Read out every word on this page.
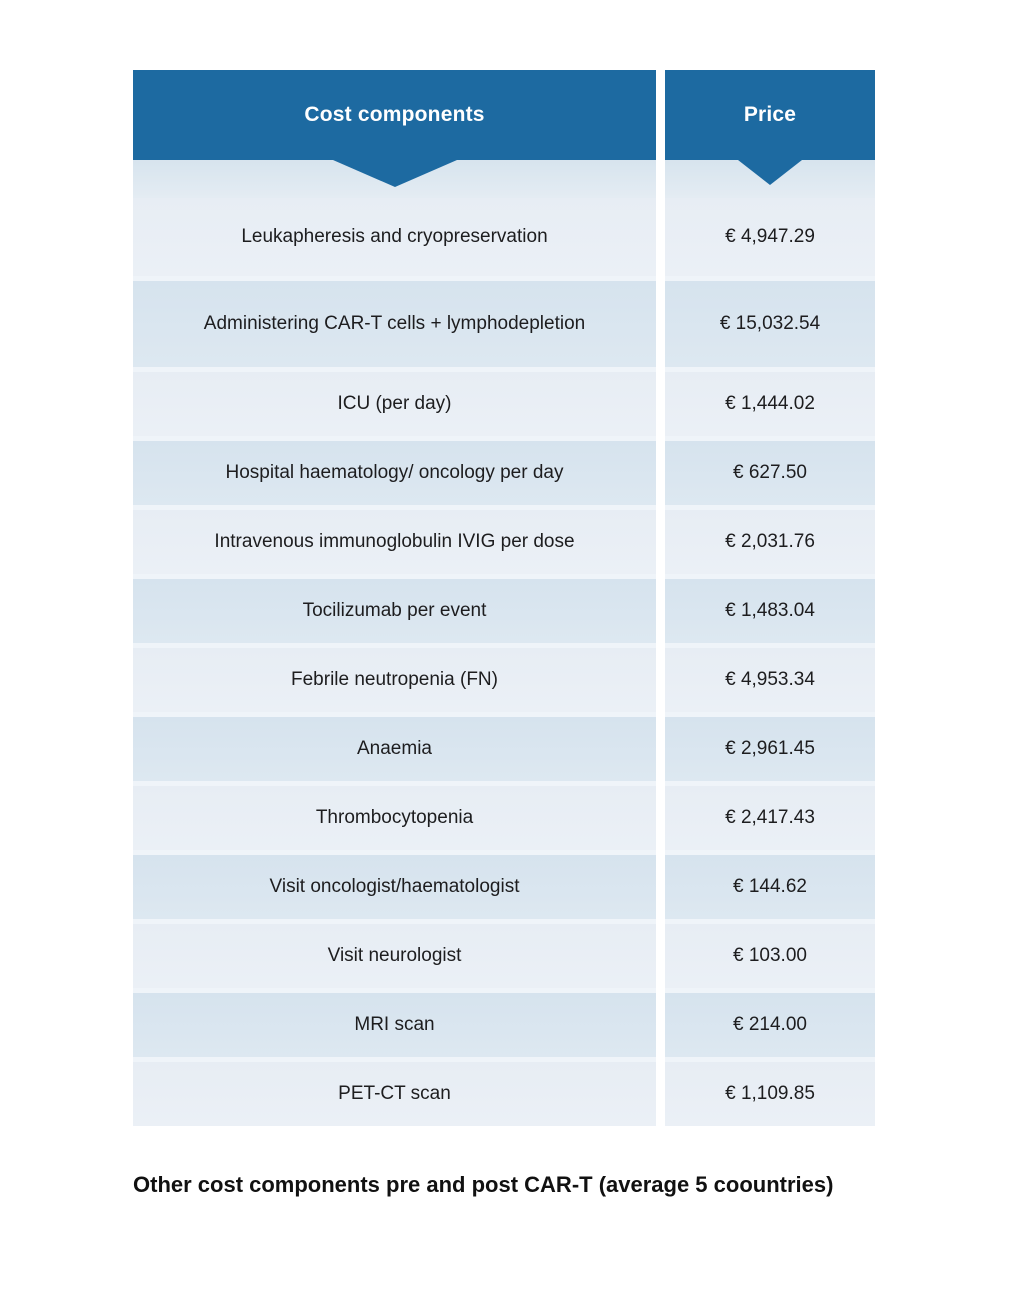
Cost components	Price
Leukapheresis and cryopreservation	€ 4,947.29
Administering CAR-T cells + lymphodepletion	€ 15,032.54
ICU (per day)	€ 1,444.02
Hospital haematology/ oncology per day	€ 627.50
Intravenous immunoglobulin IVIG per dose	€ 2,031.76
Tocilizumab per event	€ 1,483.04
Febrile neutropenia (FN)	€ 4,953.34
Anaemia	€ 2,961.45
Thrombocytopenia	€ 2,417.43
Visit oncologist/haematologist	€ 144.62
Visit neurologist	€ 103.00
MRI scan	€ 214.00
PET-CT scan	€ 1,109.85
Other cost components pre and post CAR-T (average 5 coountries)
